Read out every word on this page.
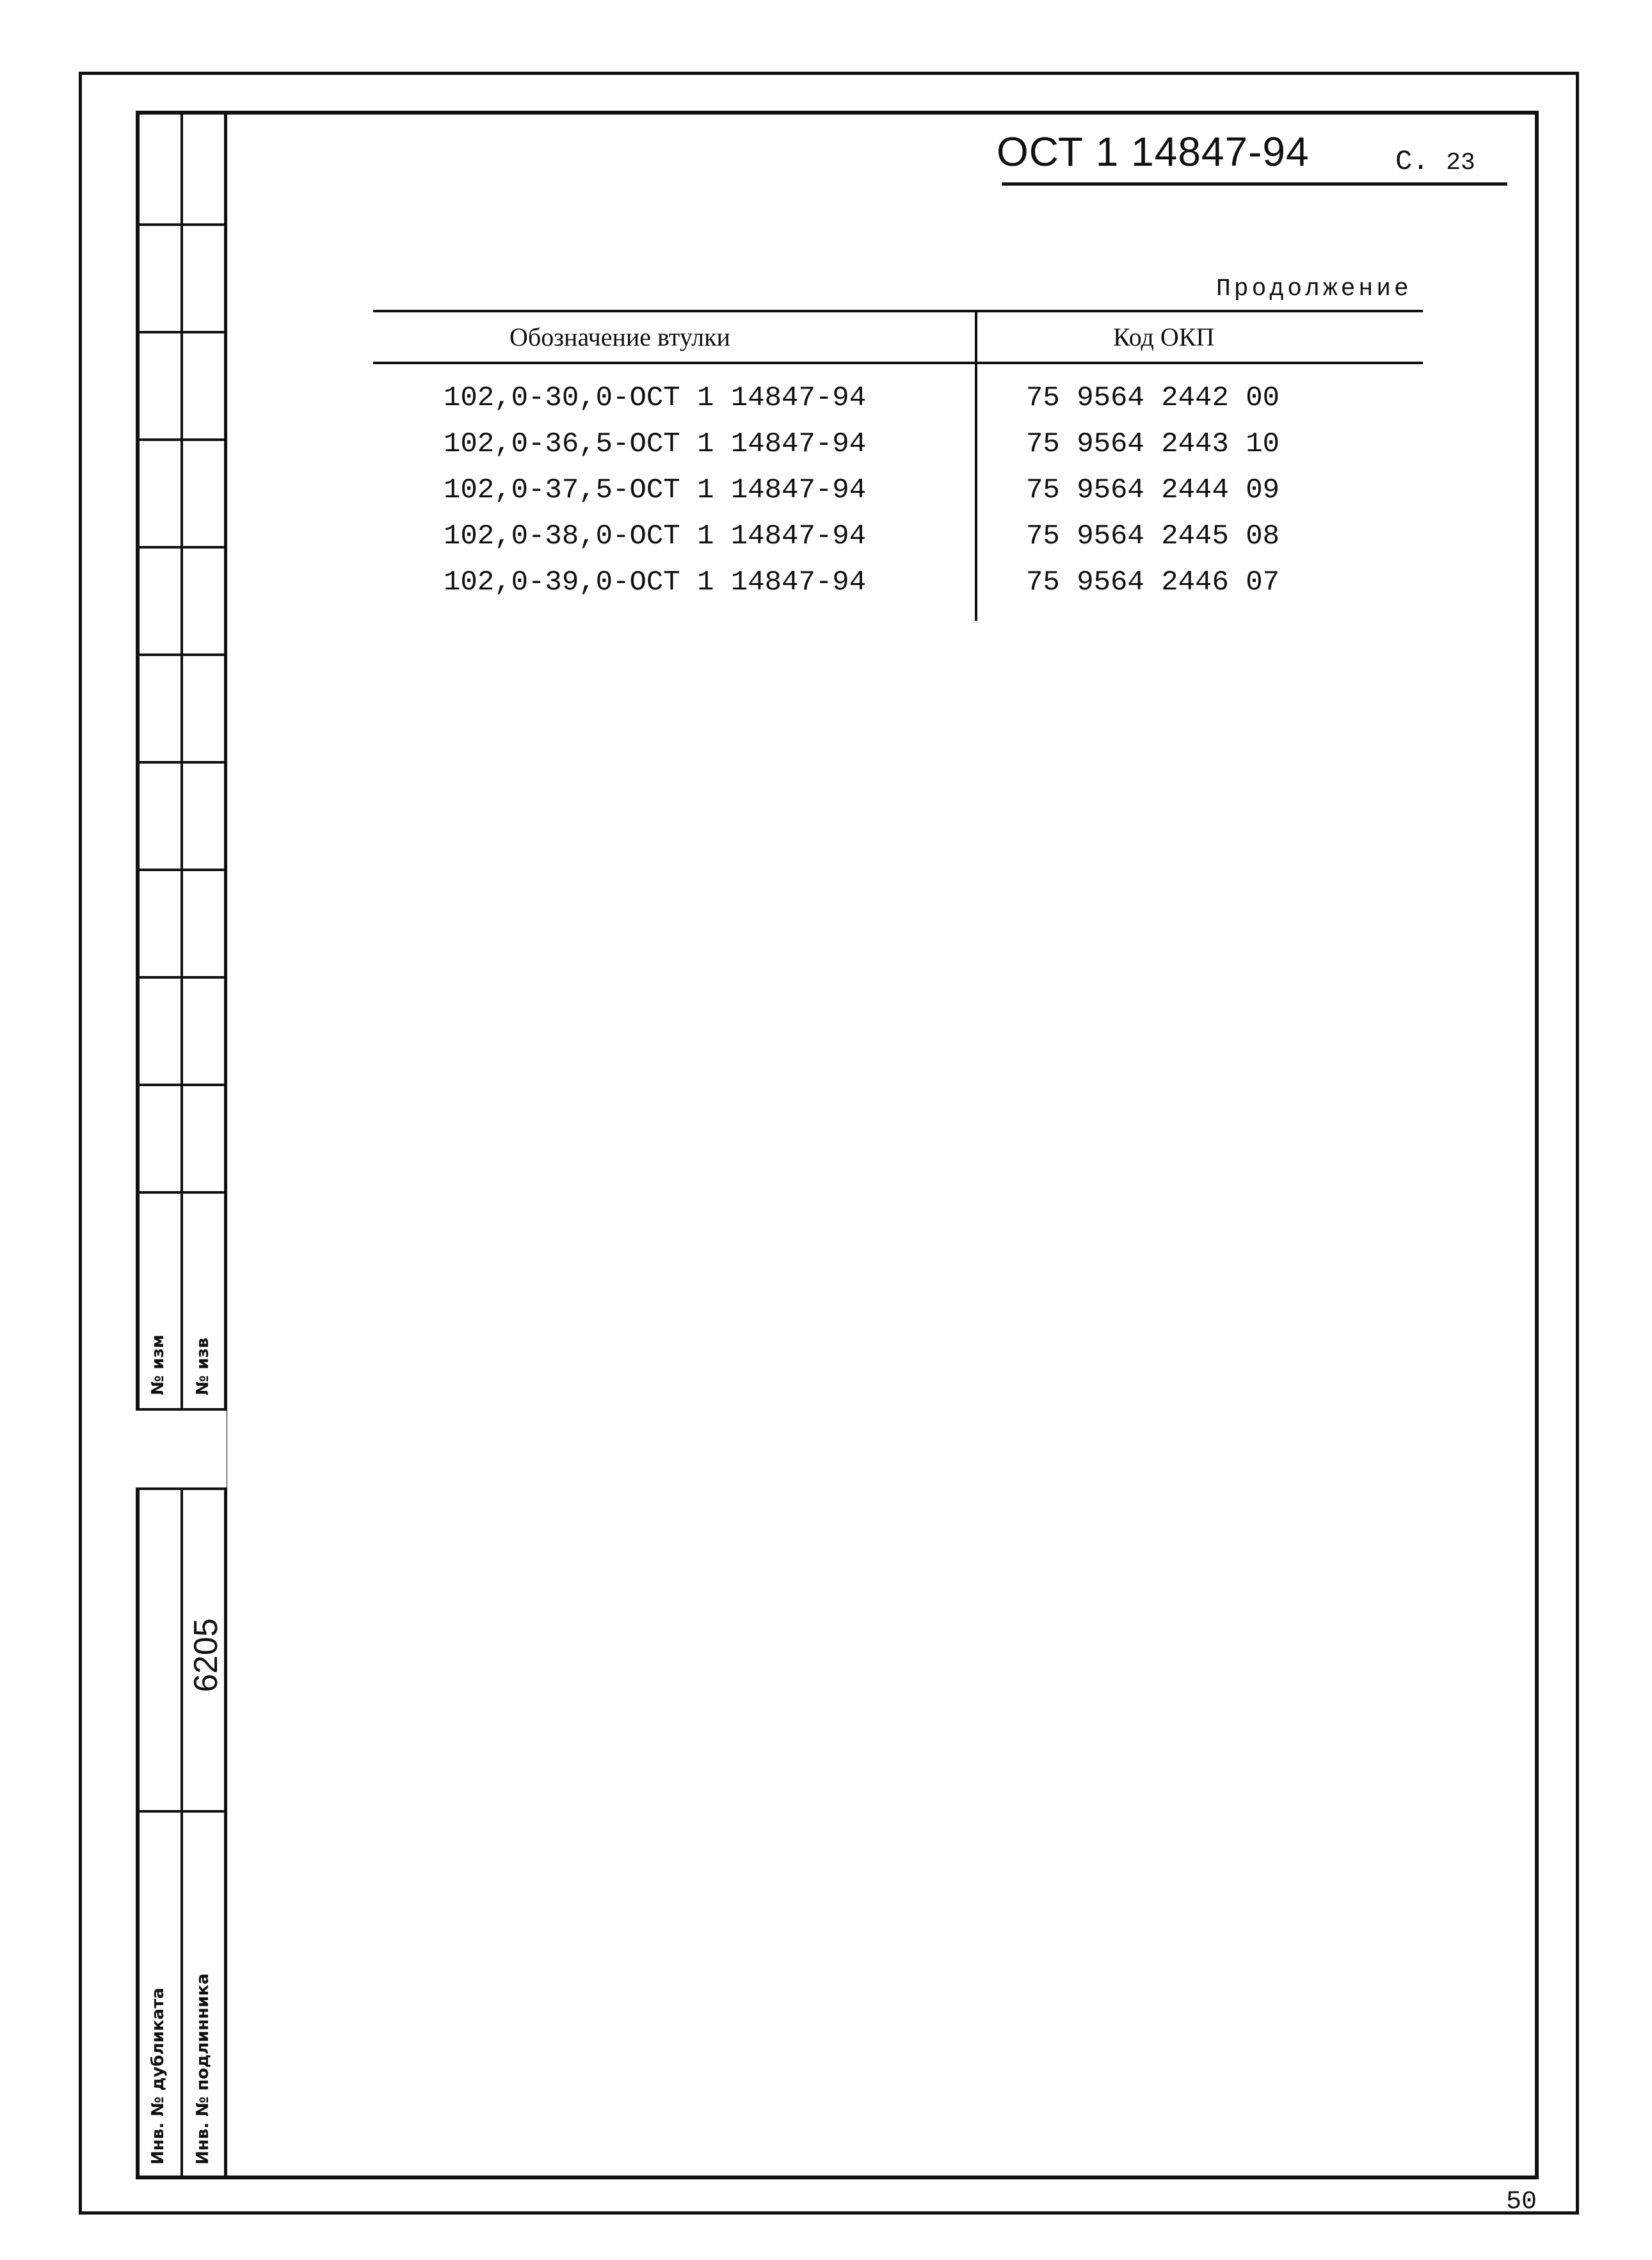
№ изм № изв
Инв. № дубликата Инв. № подлинника
6205
ОСТ 1 14847-94	С. 23
Продолжение
Обозначение втулки	Код ОКП
102,0-30,0-ОСТ 1 14847-94	75 9564 2442 00
102,0-36,5-ОСТ 1 14847-94	75 9564 2443 10
102,0-37,5-ОСТ 1 14847-94	75 9564 2444 09
102,0-38,0-ОСТ 1 14847-94	75 9564 2445 08
102,0-39,0-ОСТ 1 14847-94	75 9564 2446 07
50
